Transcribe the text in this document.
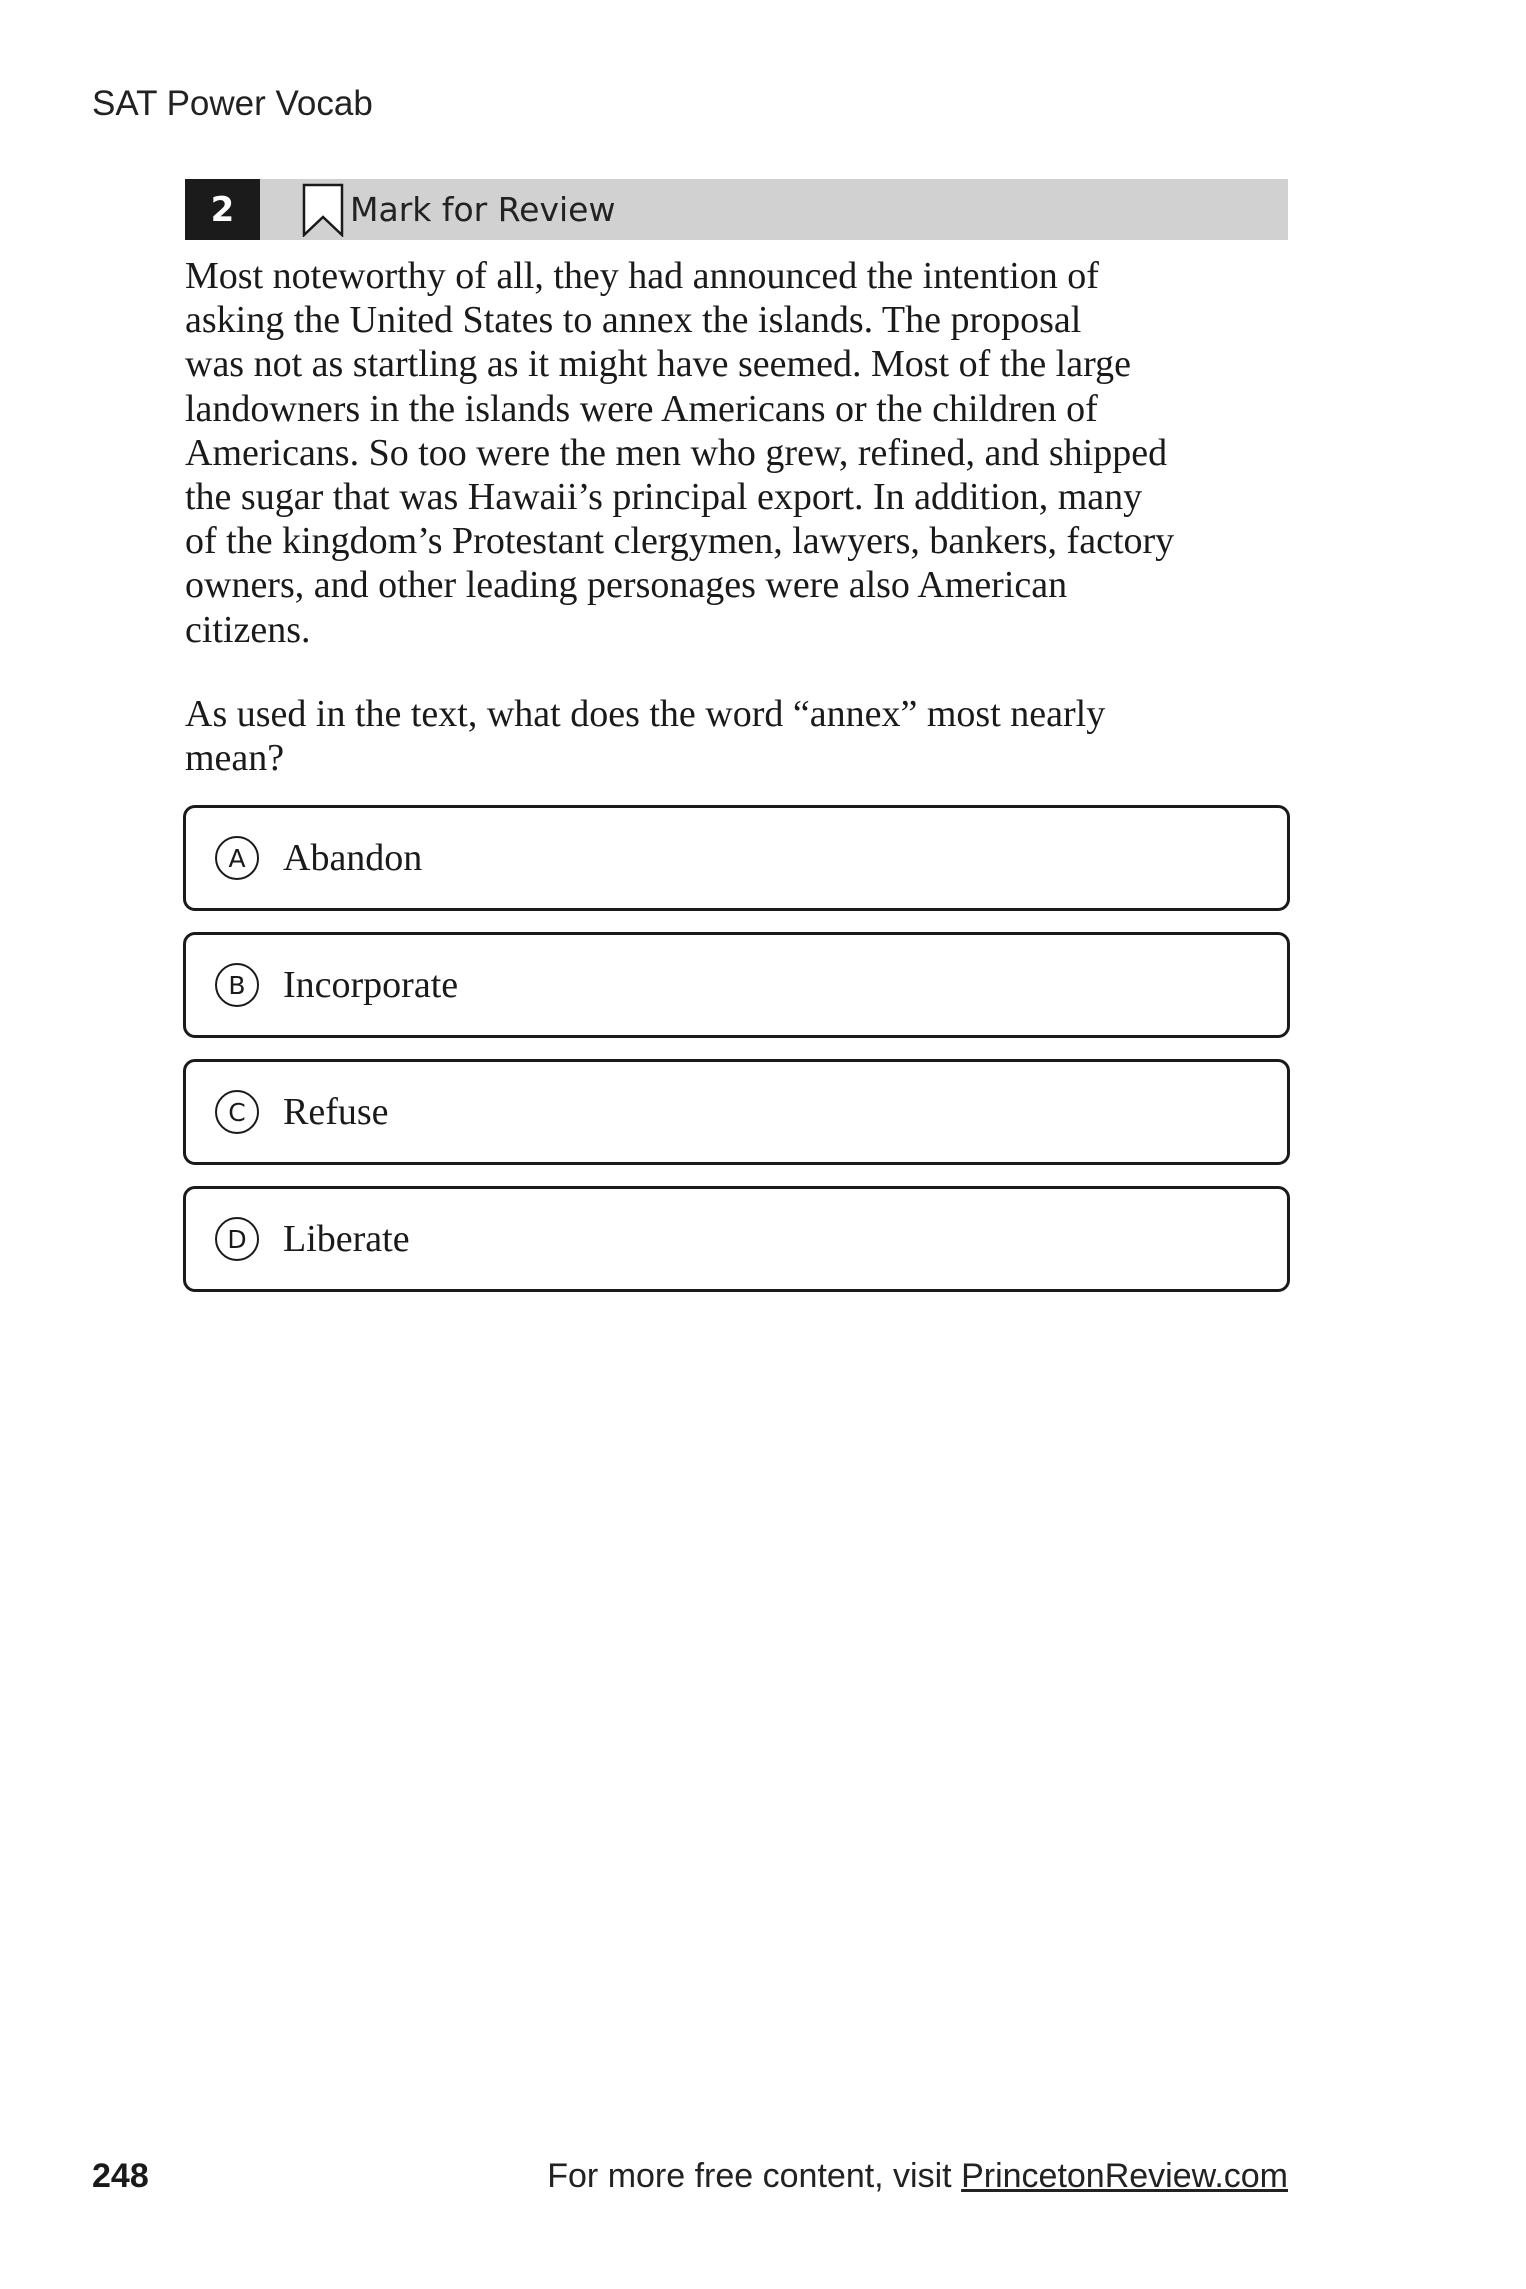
SAT Power Vocab
2	Mark for Review
Most noteworthy of all, they had announced the intention of
asking the United States to annex the islands. The proposal
was not as startling as it might have seemed. Most of the large
landowners in the islands were Americans or the children of
Americans. So too were the men who grew, refined, and shipped
the sugar that was Hawaii’s principal export. In addition, many
of the kingdom’s Protestant clergymen, lawyers, bankers, factory
owners, and other leading personages were also American
citizens.
As used in the text, what does the word “annex” most nearly
mean?
A Abandon
B Incorporate
C Refuse
D Liberate
248	For more free content, visit PrincetonReview.com
